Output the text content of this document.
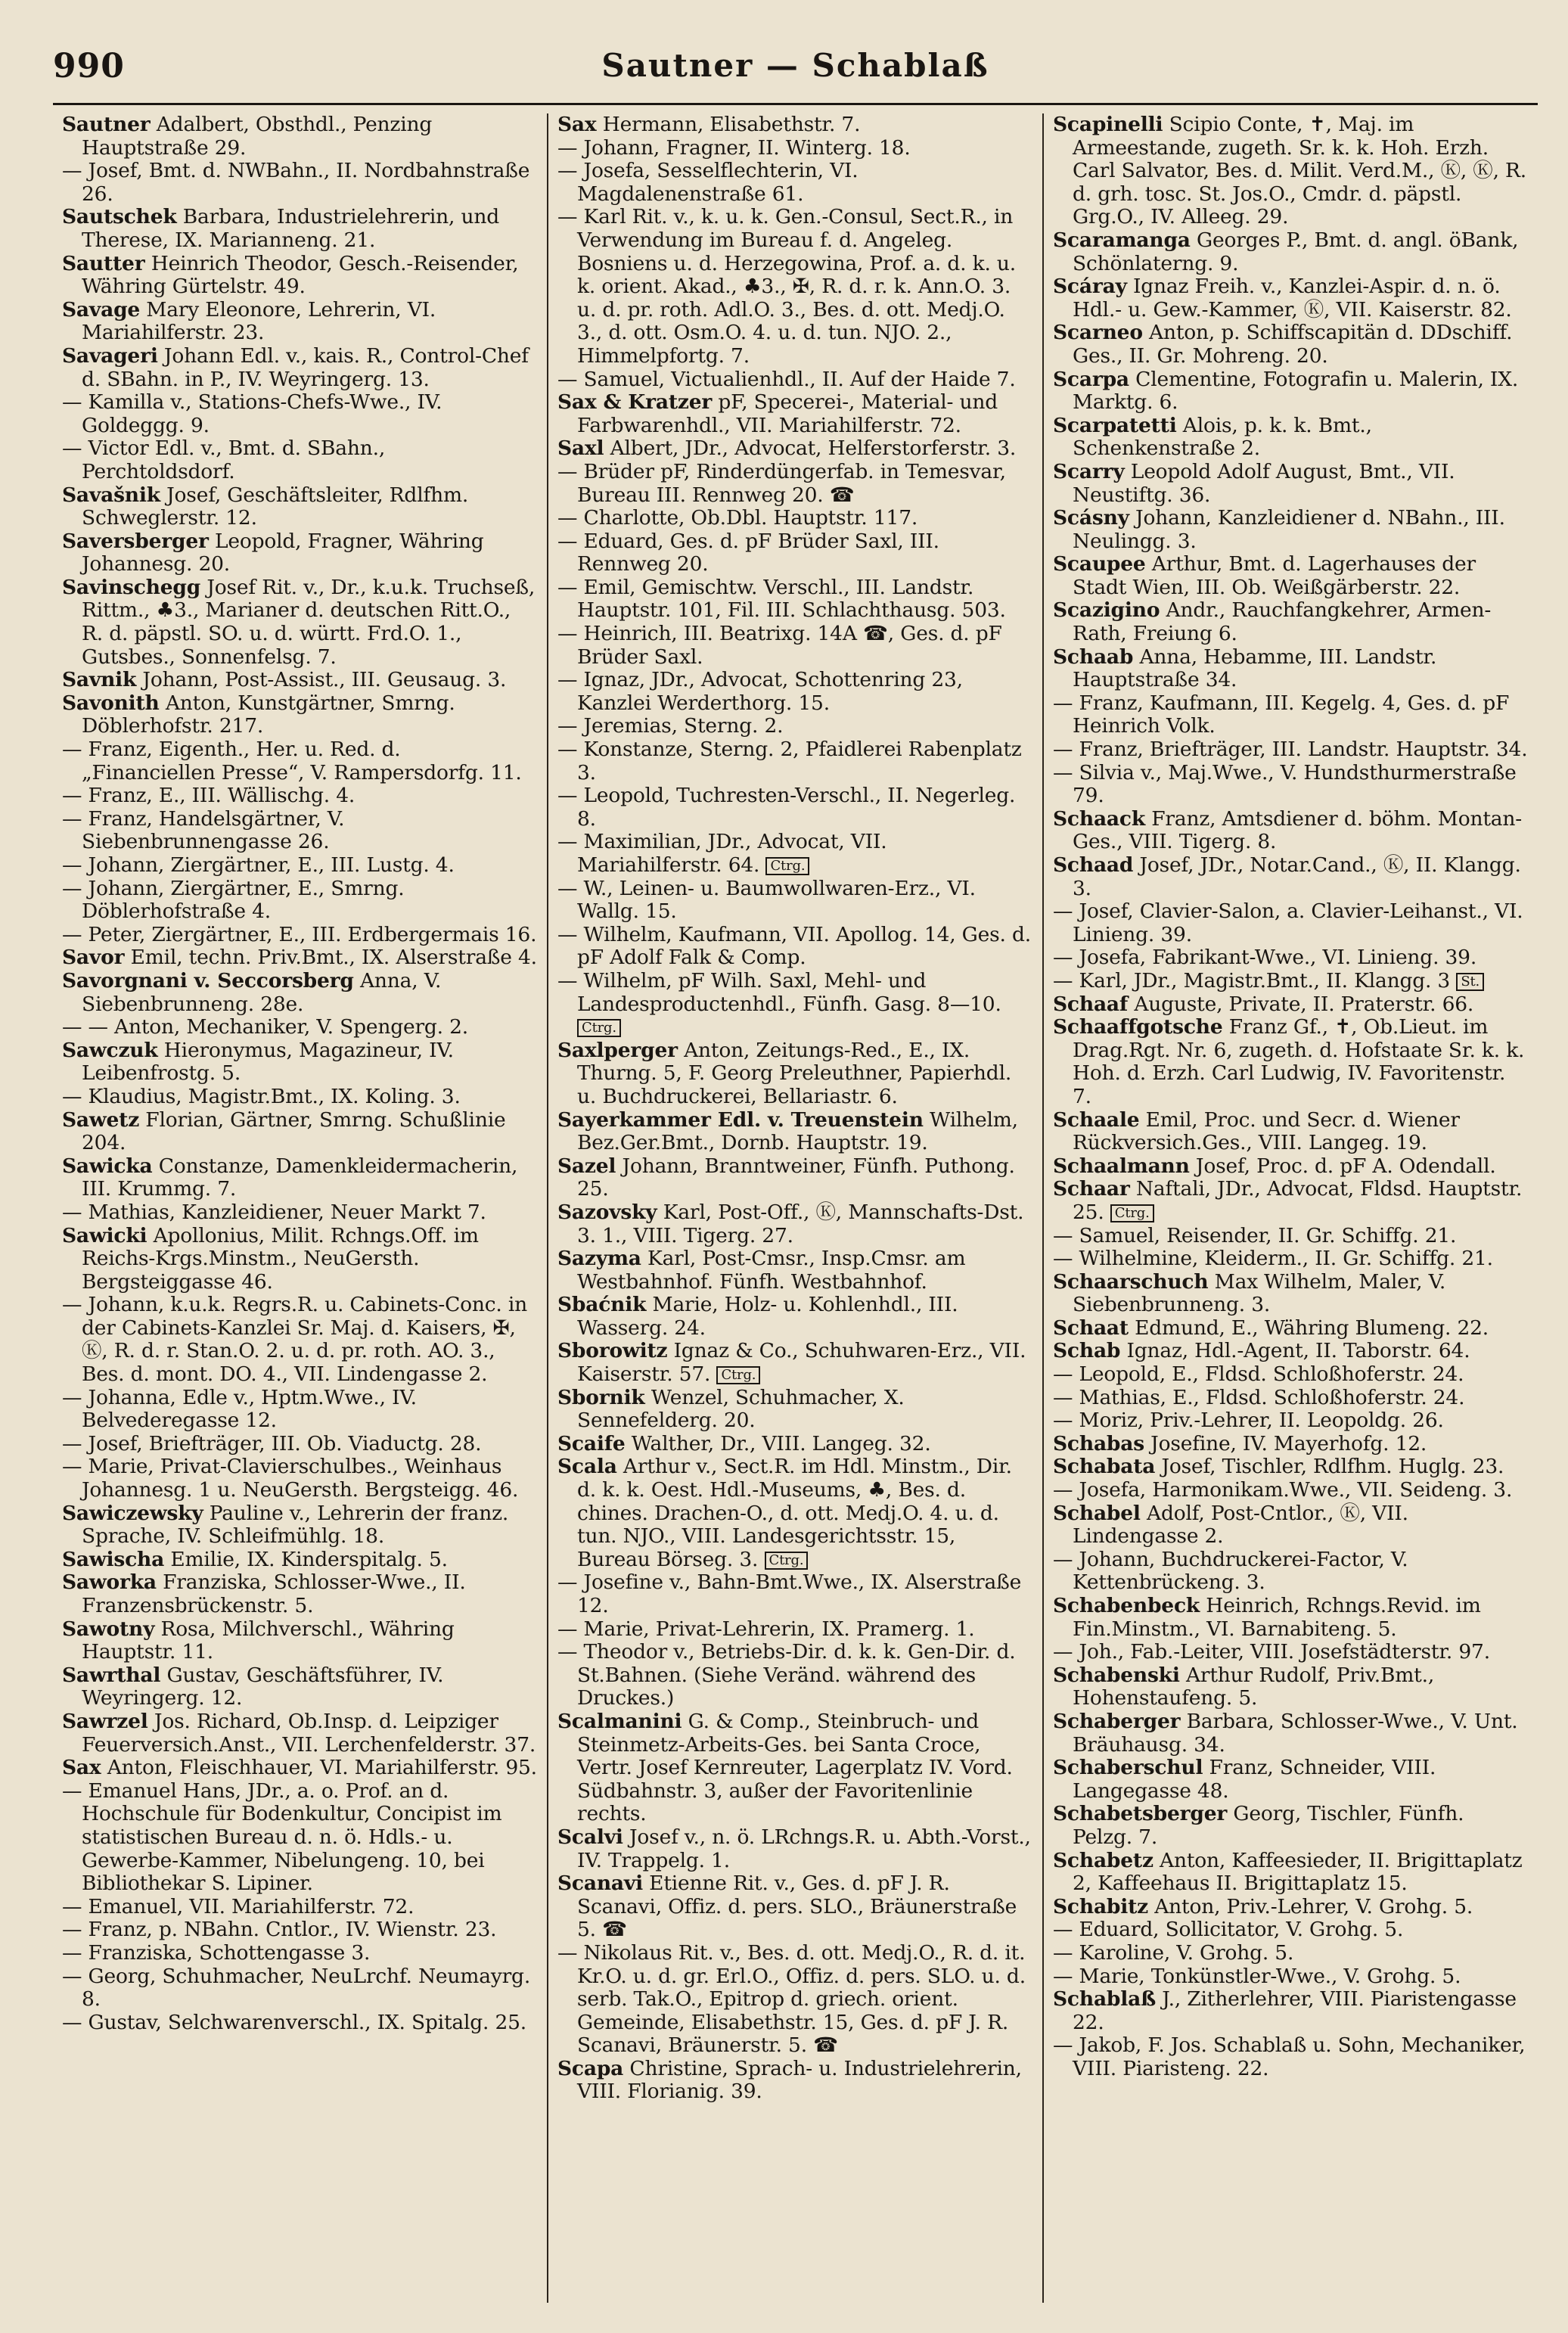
990	Sautner — Schablaß
Sautner Adalbert, Obsthdl., Penzing Hauptstraße 29.
— Josef, Bmt. d. NWBahn., II. Nordbahnstraße 26.
Sautschek Barbara, Industrielehrerin, und Therese, IX. Marianneng. 21.
Sautter Heinrich Theodor, Gesch.-Reisender, Währing Gürtelstr. 49.
Savage Mary Eleonore, Lehrerin, VI. Mariahilferstr. 23.
Savageri Johann Edl. v., kais. R., Control-Chef d. SBahn. in P., IV. Weyringerg. 13.
— Kamilla v., Stations-Chefs-Wwe., IV. Goldeggg. 9.
— Victor Edl. v., Bmt. d. SBahn., Perchtoldsdorf.
Savašnik Josef, Geschäftsleiter, Rdlfhm. Schweglerstr. 12.
Saversberger Leopold, Fragner, Währing Johannesg. 20.
Savinschegg Josef Rit. v., Dr., k.u.k. Truchseß, Rittm., ♣3., Marianer d. deutschen Ritt.O., R. d. päpstl. SO. u. d. württ. Frd.O. 1., Gutsbes., Sonnenfelsg. 7.
Savnik Johann, Post-Assist., III. Geusaug. 3.
Savonith Anton, Kunstgärtner, Smrng. Döblerhofstr. 217.
— Franz, Eigenth., Her. u. Red. d. „Financiellen Presse“, V. Rampersdorfg. 11.
— Franz, E., III. Wällischg. 4.
— Franz, Handelsgärtner, V. Siebenbrunnengasse 26.
— Johann, Ziergärtner, E., III. Lustg. 4.
— Johann, Ziergärtner, E., Smrng. Döblerhofstraße 4.
— Peter, Ziergärtner, E., III. Erdbergermais 16.
Savor Emil, techn. Priv.Bmt., IX. Alserstraße 4.
Savorgnani v. Seccorsberg Anna, V. Siebenbrunneng. 28e.
— — Anton, Mechaniker, V. Spengerg. 2.
Sawczuk Hieronymus, Magazineur, IV. Leibenfrostg. 5.
— Klaudius, Magistr.Bmt., IX. Koling. 3.
Sawetz Florian, Gärtner, Smrng. Schußlinie 204.
Sawicka Constanze, Damenkleidermacherin, III. Krummg. 7.
— Mathias, Kanzleidiener, Neuer Markt 7.
Sawicki Apollonius, Milit. Rchngs.Off. im Reichs-Krgs.Minstm., NeuGersth. Bergsteiggasse 46.
— Johann, k.u.k. Regrs.R. u. Cabinets-Conc. in der Cabinets-Kanzlei Sr. Maj. d. Kaisers, ✠, Ⓚ, R. d. r. Stan.O. 2. u. d. pr. roth. AO. 3., Bes. d. mont. DO. 4., VII. Lindengasse 2.
— Johanna, Edle v., Hptm.Wwe., IV. Belvederegasse 12.
— Josef, Briefträger, III. Ob. Viaductg. 28.
— Marie, Privat-Clavierschulbes., Weinhaus Johannesg. 1 u. NeuGersth. Bergsteigg. 46.
Sawiczewsky Pauline v., Lehrerin der franz. Sprache, IV. Schleifmühlg. 18.
Sawischa Emilie, IX. Kinderspitalg. 5.
Saworka Franziska, Schlosser-Wwe., II. Franzensbrückenstr. 5.
Sawotny Rosa, Milchverschl., Währing Hauptstr. 11.
Sawrthal Gustav, Geschäftsführer, IV. Weyringerg. 12.
Sawrzel Jos. Richard, Ob.Insp. d. Leipziger Feuerversich.Anst., VII. Lerchenfelderstr. 37.
Sax Anton, Fleischhauer, VI. Mariahilferstr. 95.
— Emanuel Hans, JDr., a. o. Prof. an d. Hochschule für Bodenkultur, Concipist im statistischen Bureau d. n. ö. Hdls.- u. Gewerbe-Kammer, Nibelungeng. 10, bei Bibliothekar S. Lipiner.
— Emanuel, VII. Mariahilferstr. 72.
— Franz, p. NBahn. Cntlor., IV. Wienstr. 23.
— Franziska, Schottengasse 3.
— Georg, Schuhmacher, NeuLrchf. Neumayrg. 8.
— Gustav, Selchwarenverschl., IX. Spitalg. 25.
Sax Hermann, Elisabethstr. 7.
— Johann, Fragner, II. Winterg. 18.
— Josefa, Sesselflechterin, VI. Magdalenenstraße 61.
— Karl Rit. v., k. u. k. Gen.-Consul, Sect.R., in Verwendung im Bureau f. d. Angeleg. Bosniens u. d. Herzegowina, Prof. a. d. k. u. k. orient. Akad., ♣3., ✠, R. d. r. k. Ann.O. 3. u. d. pr. roth. Adl.O. 3., Bes. d. ott. Medj.O. 3., d. ott. Osm.O. 4. u. d. tun. NJO. 2., Himmelpfortg. 7.
— Samuel, Victualienhdl., II. Auf der Haide 7.
Sax & Kratzer pF, Specerei-, Material- und Farbwarenhdl., VII. Mariahilferstr. 72.
Saxl Albert, JDr., Advocat, Helferstorferstr. 3.
— Brüder pF, Rinderdüngerfab. in Temesvar, Bureau III. Rennweg 20. ☎
— Charlotte, Ob.Dbl. Hauptstr. 117.
— Eduard, Ges. d. pF Brüder Saxl, III. Rennweg 20.
— Emil, Gemischtw. Verschl., III. Landstr. Hauptstr. 101, Fil. III. Schlachthausg. 503.
— Heinrich, III. Beatrixg. 14A ☎, Ges. d. pF Brüder Saxl.
— Ignaz, JDr., Advocat, Schottenring 23, Kanzlei Werderthorg. 15.
— Jeremias, Sterng. 2.
— Konstanze, Sterng. 2, Pfaidlerei Rabenplatz 3.
— Leopold, Tuchresten-Verschl., II. Negerleg. 8.
— Maximilian, JDr., Advocat, VII. Mariahilferstr. 64. Ctrg.
— W., Leinen- u. Baumwollwaren-Erz., VI. Wallg. 15.
— Wilhelm, Kaufmann, VII. Apollog. 14, Ges. d. pF Adolf Falk & Comp.
— Wilhelm, pF Wilh. Saxl, Mehl- und Landesproductenhdl., Fünfh. Gasg. 8—10. Ctrg.
Saxlperger Anton, Zeitungs-Red., E., IX. Thurng. 5, F. Georg Preleuthner, Papierhdl. u. Buchdruckerei, Bellariastr. 6.
Sayerkammer Edl. v. Treuenstein Wilhelm, Bez.Ger.Bmt., Dornb. Hauptstr. 19.
Sazel Johann, Branntweiner, Fünfh. Puthong. 25.
Sazovsky Karl, Post-Off., Ⓚ, Mannschafts-Dst. 3. 1., VIII. Tigerg. 27.
Sazyma Karl, Post-Cmsr., Insp.Cmsr. am Westbahnhof. Fünfh. Westbahnhof.
Sbaćnik Marie, Holz- u. Kohlenhdl., III. Wasserg. 24.
Sborowitz Ignaz & Co., Schuhwaren-Erz., VII. Kaiserstr. 57. Ctrg.
Sbornik Wenzel, Schuhmacher, X. Sennefelderg. 20.
Scaife Walther, Dr., VIII. Langeg. 32.
Scala Arthur v., Sect.R. im Hdl. Minstm., Dir. d. k. k. Oest. Hdl.-Museums, ♣, Bes. d. chines. Drachen-O., d. ott. Medj.O. 4. u. d. tun. NJO., VIII. Landesgerichtsstr. 15, Bureau Börseg. 3. Ctrg.
— Josefine v., Bahn-Bmt.Wwe., IX. Alserstraße 12.
— Marie, Privat-Lehrerin, IX. Pramerg. 1.
— Theodor v., Betriebs-Dir. d. k. k. Gen-Dir. d. St.Bahnen. (Siehe Veränd. während des Druckes.)
Scalmanini G. & Comp., Steinbruch- und Steinmetz-Arbeits-Ges. bei Santa Croce, Vertr. Josef Kernreuter, Lagerplatz IV. Vord. Südbahnstr. 3, außer der Favoritenlinie rechts.
Scalvi Josef v., n. ö. LRchngs.R. u. Abth.-Vorst., IV. Trappelg. 1.
Scanavi Etienne Rit. v., Ges. d. pF J. R. Scanavi, Offiz. d. pers. SLO., Bräunerstraße 5. ☎
— Nikolaus Rit. v., Bes. d. ott. Medj.O., R. d. it. Kr.O. u. d. gr. Erl.O., Offiz. d. pers. SLO. u. d. serb. Tak.O., Epitrop d. griech. orient. Gemeinde, Elisabethstr. 15, Ges. d. pF J. R. Scanavi, Bräunerstr. 5. ☎
Scapa Christine, Sprach- u. Industrielehrerin, VIII. Florianig. 39.
Scapinelli Scipio Conte, ✝, Maj. im Armeestande, zugeth. Sr. k. k. Hoh. Erzh. Carl Salvator, Bes. d. Milit. Verd.M., Ⓚ, Ⓚ, R. d. grh. tosc. St. Jos.O., Cmdr. d. päpstl. Grg.O., IV. Alleeg. 29.
Scaramanga Georges P., Bmt. d. angl. öBank, Schönlaterng. 9.
Scáray Ignaz Freih. v., Kanzlei-Aspir. d. n. ö. Hdl.- u. Gew.-Kammer, Ⓚ, VII. Kaiserstr. 82.
Scarneo Anton, p. Schiffscapitän d. DDschiff. Ges., II. Gr. Mohreng. 20.
Scarpa Clementine, Fotografin u. Malerin, IX. Marktg. 6.
Scarpatetti Alois, p. k. k. Bmt., Schenkenstraße 2.
Scarry Leopold Adolf August, Bmt., VII. Neustiftg. 36.
Scásny Johann, Kanzleidiener d. NBahn., III. Neulingg. 3.
Scaupee Arthur, Bmt. d. Lagerhauses der Stadt Wien, III. Ob. Weißgärberstr. 22.
Scazigino Andr., Rauchfangkehrer, Armen-Rath, Freiung 6.
Schaab Anna, Hebamme, III. Landstr. Hauptstraße 34.
— Franz, Kaufmann, III. Kegelg. 4, Ges. d. pF Heinrich Volk.
— Franz, Briefträger, III. Landstr. Hauptstr. 34.
— Silvia v., Maj.Wwe., V. Hundsthurmerstraße 79.
Schaack Franz, Amtsdiener d. böhm. Montan-Ges., VIII. Tigerg. 8.
Schaad Josef, JDr., Notar.Cand., Ⓚ, II. Klangg. 3.
— Josef, Clavier-Salon, a. Clavier-Leihanst., VI. Linieng. 39.
— Josefa, Fabrikant-Wwe., VI. Linieng. 39.
— Karl, JDr., Magistr.Bmt., II. Klangg. 3 St.
Schaaf Auguste, Private, II. Praterstr. 66.
Schaaffgotsche Franz Gf., ✝, Ob.Lieut. im Drag.Rgt. Nr. 6, zugeth. d. Hofstaate Sr. k. k. Hoh. d. Erzh. Carl Ludwig, IV. Favoritenstr. 7.
Schaale Emil, Proc. und Secr. d. Wiener Rückversich.Ges., VIII. Langeg. 19.
Schaalmann Josef, Proc. d. pF A. Odendall.
Schaar Naftali, JDr., Advocat, Fldsd. Hauptstr. 25. Ctrg.
— Samuel, Reisender, II. Gr. Schiffg. 21.
— Wilhelmine, Kleiderm., II. Gr. Schiffg. 21.
Schaarschuch Max Wilhelm, Maler, V. Siebenbrunneng. 3.
Schaat Edmund, E., Währing Blumeng. 22.
Schab Ignaz, Hdl.-Agent, II. Taborstr. 64.
— Leopold, E., Fldsd. Schloßhoferstr. 24.
— Mathias, E., Fldsd. Schloßhoferstr. 24.
— Moriz, Priv.-Lehrer, II. Leopoldg. 26.
Schabas Josefine, IV. Mayerhofg. 12.
Schabata Josef, Tischler, Rdlfhm. Huglg. 23.
— Josefa, Harmonikam.Wwe., VII. Seideng. 3.
Schabel Adolf, Post-Cntlor., Ⓚ, VII. Lindengasse 2.
— Johann, Buchdruckerei-Factor, V. Kettenbrückeng. 3.
Schabenbeck Heinrich, Rchngs.Revid. im Fin.Minstm., VI. Barnabiteng. 5.
— Joh., Fab.-Leiter, VIII. Josefstädterstr. 97.
Schabenski Arthur Rudolf, Priv.Bmt., Hohenstaufeng. 5.
Schaberger Barbara, Schlosser-Wwe., V. Unt. Bräuhausg. 34.
Schaberschul Franz, Schneider, VIII. Langegasse 48.
Schabetsberger Georg, Tischler, Fünfh. Pelzg. 7.
Schabetz Anton, Kaffeesieder, II. Brigittaplatz 2, Kaffeehaus II. Brigittaplatz 15.
Schabitz Anton, Priv.-Lehrer, V. Grohg. 5.
— Eduard, Sollicitator, V. Grohg. 5.
— Karoline, V. Grohg. 5.
— Marie, Tonkünstler-Wwe., V. Grohg. 5.
Schablaß J., Zitherlehrer, VIII. Piaristengasse 22.
— Jakob, F. Jos. Schablaß u. Sohn, Mechaniker, VIII. Piaristeng. 22.
